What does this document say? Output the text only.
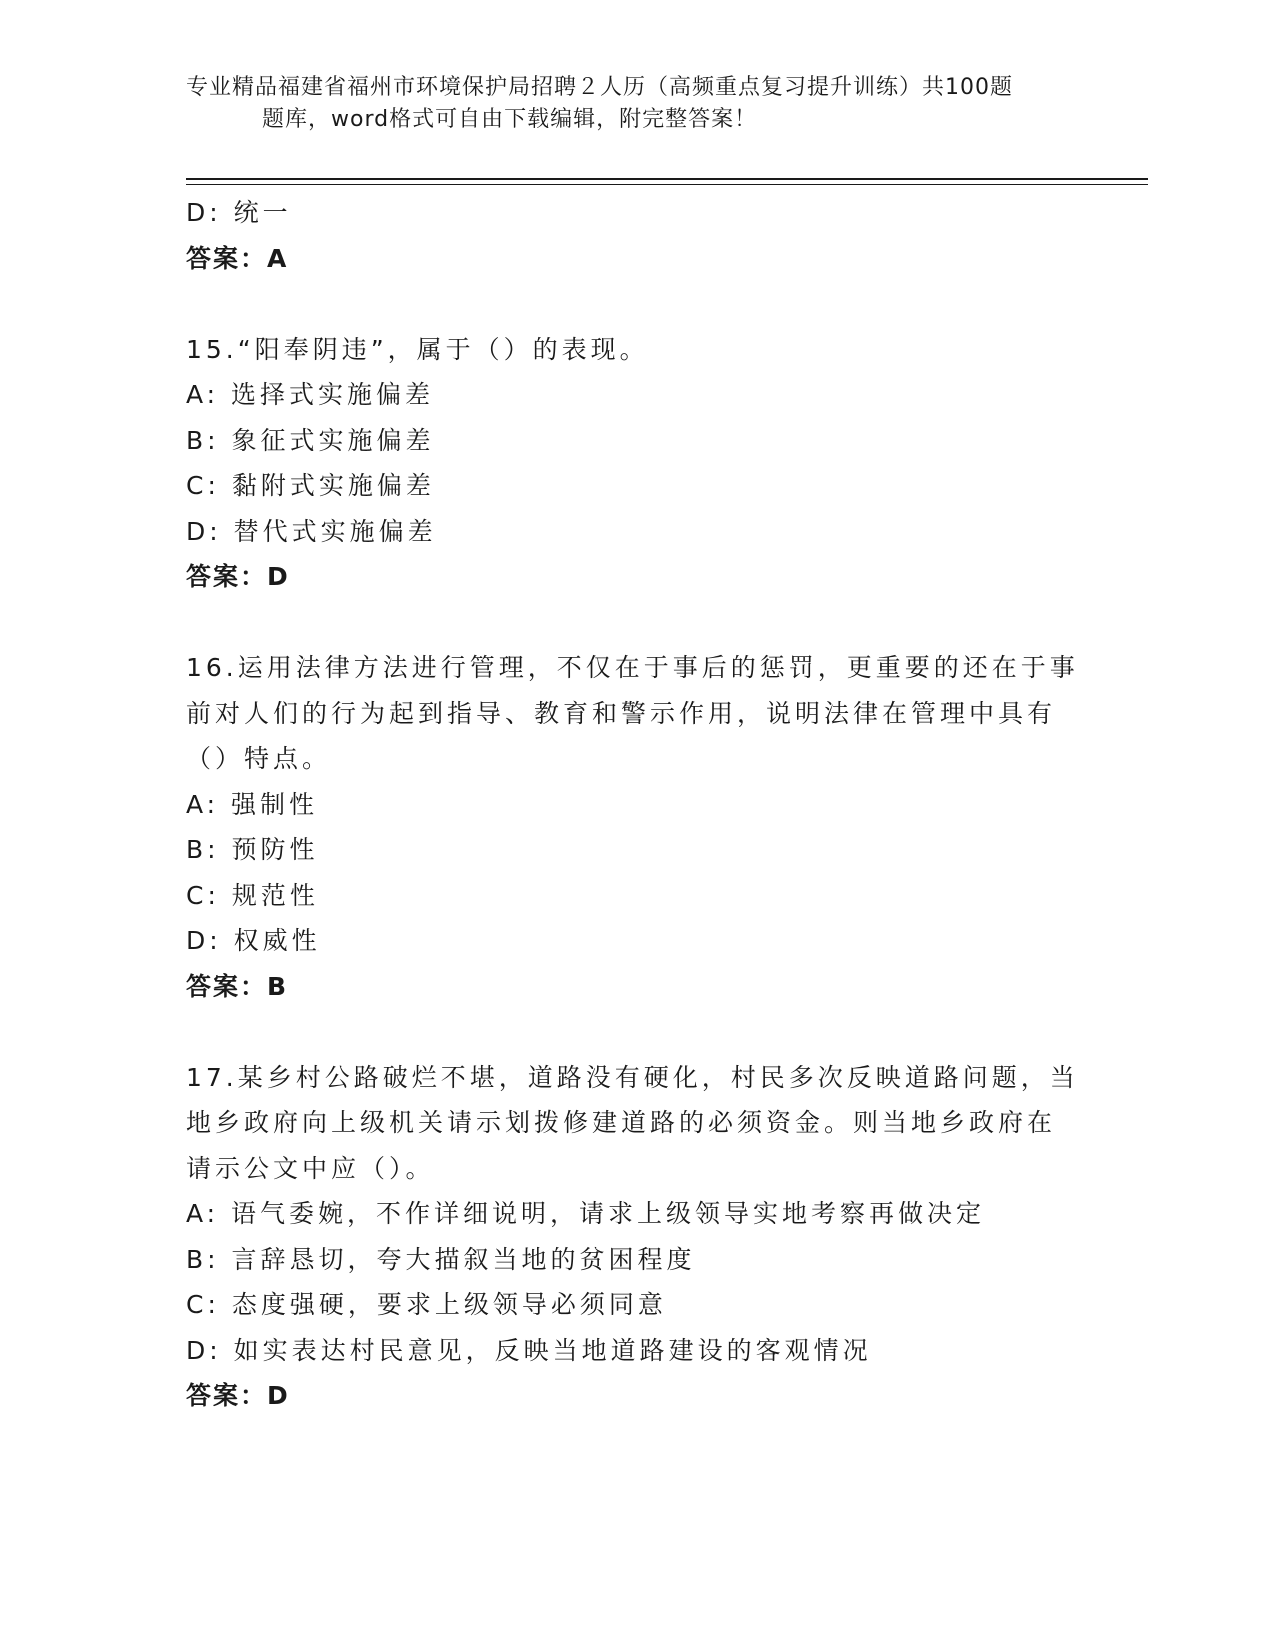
专业精品福建省福州市环境保护局招聘２人历（高频重点复习提升训练）共100题
题库，word格式可自由下载编辑，附完整答案！
D: 统一
答案：A
15.“阳奉阴违”，属于（）的表现。
A: 选择式实施偏差
B: 象征式实施偏差
C: 黏附式实施偏差
D: 替代式实施偏差
答案：D
16.运用法律方法进行管理，不仅在于事后的惩罚，更重要的还在于事
前对人们的行为起到指导、教育和警示作用，说明法律在管理中具有
（）特点。
A: 强制性
B: 预防性
C: 规范性
D: 权威性
答案：B
17.某乡村公路破烂不堪，道路没有硬化，村民多次反映道路问题，当
地乡政府向上级机关请示划拨修建道路的必须资金。则当地乡政府在
请示公文中应（）。
A: 语气委婉，不作详细说明，请求上级领导实地考察再做决定
B: 言辞恳切，夸大描叙当地的贫困程度
C: 态度强硬，要求上级领导必须同意
D: 如实表达村民意见，反映当地道路建设的客观情况
答案：D
